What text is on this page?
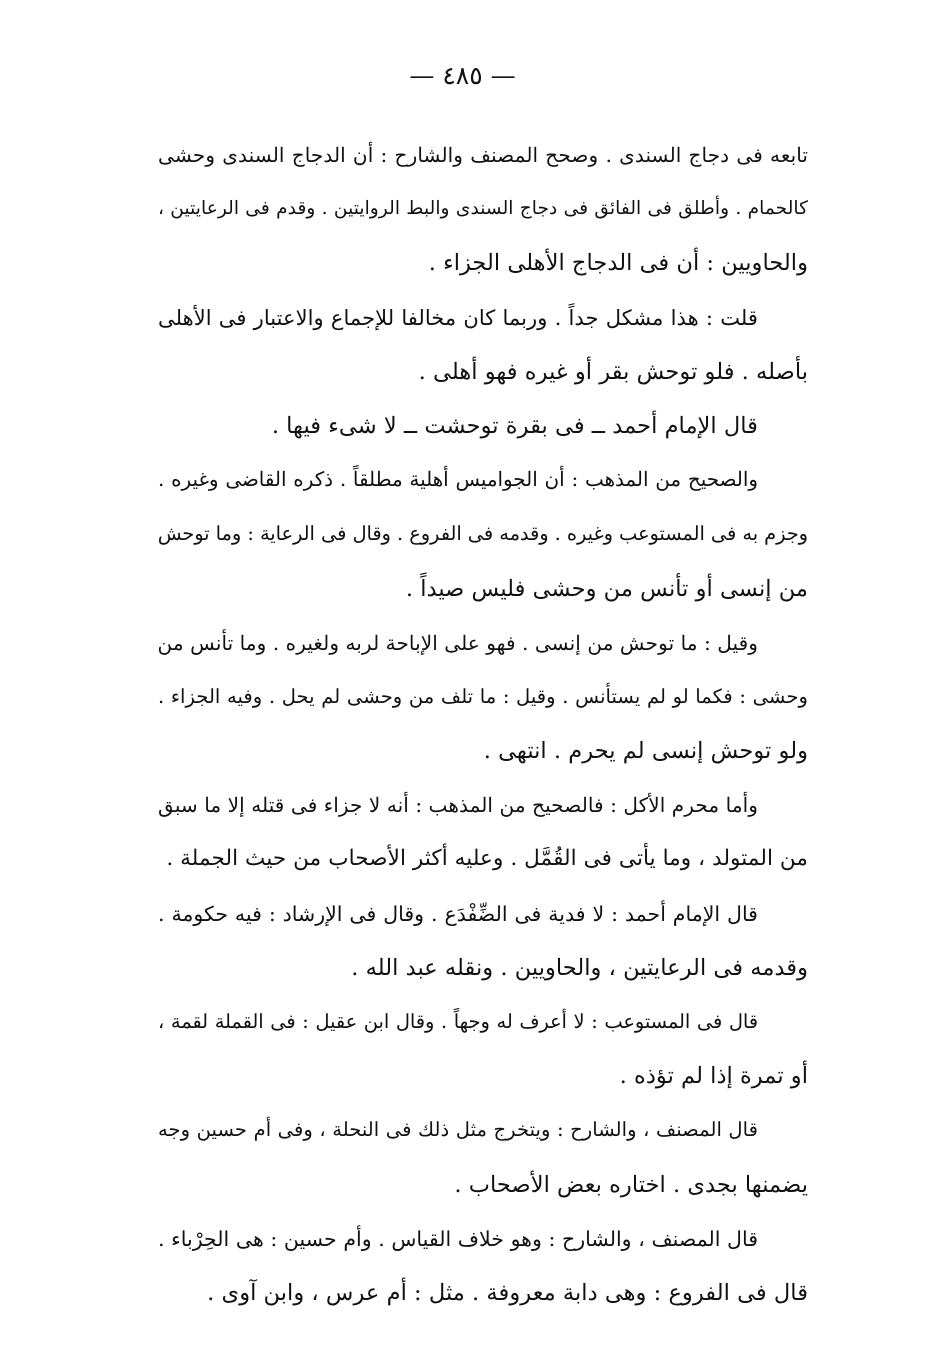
— ٤٨٥ —
تابعه فى دجاج السندى . وصحح المصنف والشارح : أن الدجاج السندى وحشى
كالحمام . وأطلق فى الفائق فى دجاج السندى والبط الروايتين . وقدم فى الرعايتين ،
والحاويين : أن فى الدجاج الأهلى الجزاء .
قلت : هذا مشكل جداً . وربما كان مخالفا للإجماع والاعتبار فى الأهلى
بأصله . فلو توحش بقر أو غيره فهو أهلى .
قال الإمام أحمد ــ فى بقرة توحشت ــ لا شىء فيها .
والصحيح من المذهب : أن الجواميس أهلية مطلقاً . ذكره القاضى وغيره .
وجزم به فى المستوعب وغيره . وقدمه فى الفروع . وقال فى الرعاية : وما توحش
من إنسى أو تأنس من وحشى فليس صيداً .
وقيل : ما توحش من إنسى . فهو على الإباحة لربه ولغيره . وما تأنس من
وحشى : فكما لو لم يستأنس . وقيل : ما تلف من وحشى لم يحل . وفيه الجزاء .
ولو توحش إنسى لم يحرم . انتهى .
وأما محرم الأكل : فالصحيح من المذهب : أنه لا جزاء فى قتله إلا ما سبق
من المتولد ، وما يأتى فى القُمَّل . وعليه أكثر الأصحاب من حيث الجملة .
قال الإمام أحمد : لا فدية فى الضِّفْدَع . وقال فى الإرشاد : فيه حكومة .
وقدمه فى الرعايتين ، والحاويين . ونقله عبد الله .
قال فى المستوعب : لا أعرف له وجهاً . وقال ابن عقيل : فى القملة لقمة ،
أو تمرة إذا لم تؤذه .
قال المصنف ، والشارح : ويتخرج مثل ذلك فى النحلة ، وفى أم حسين وجه
يضمنها بجدى . اختاره بعض الأصحاب .
قال المصنف ، والشارح : وهو خلاف القياس . وأم حسين : هى الحِرْباء .
قال فى الفروع : وهى دابة معروفة . مثل : أم عرس ، وابن آوى .
